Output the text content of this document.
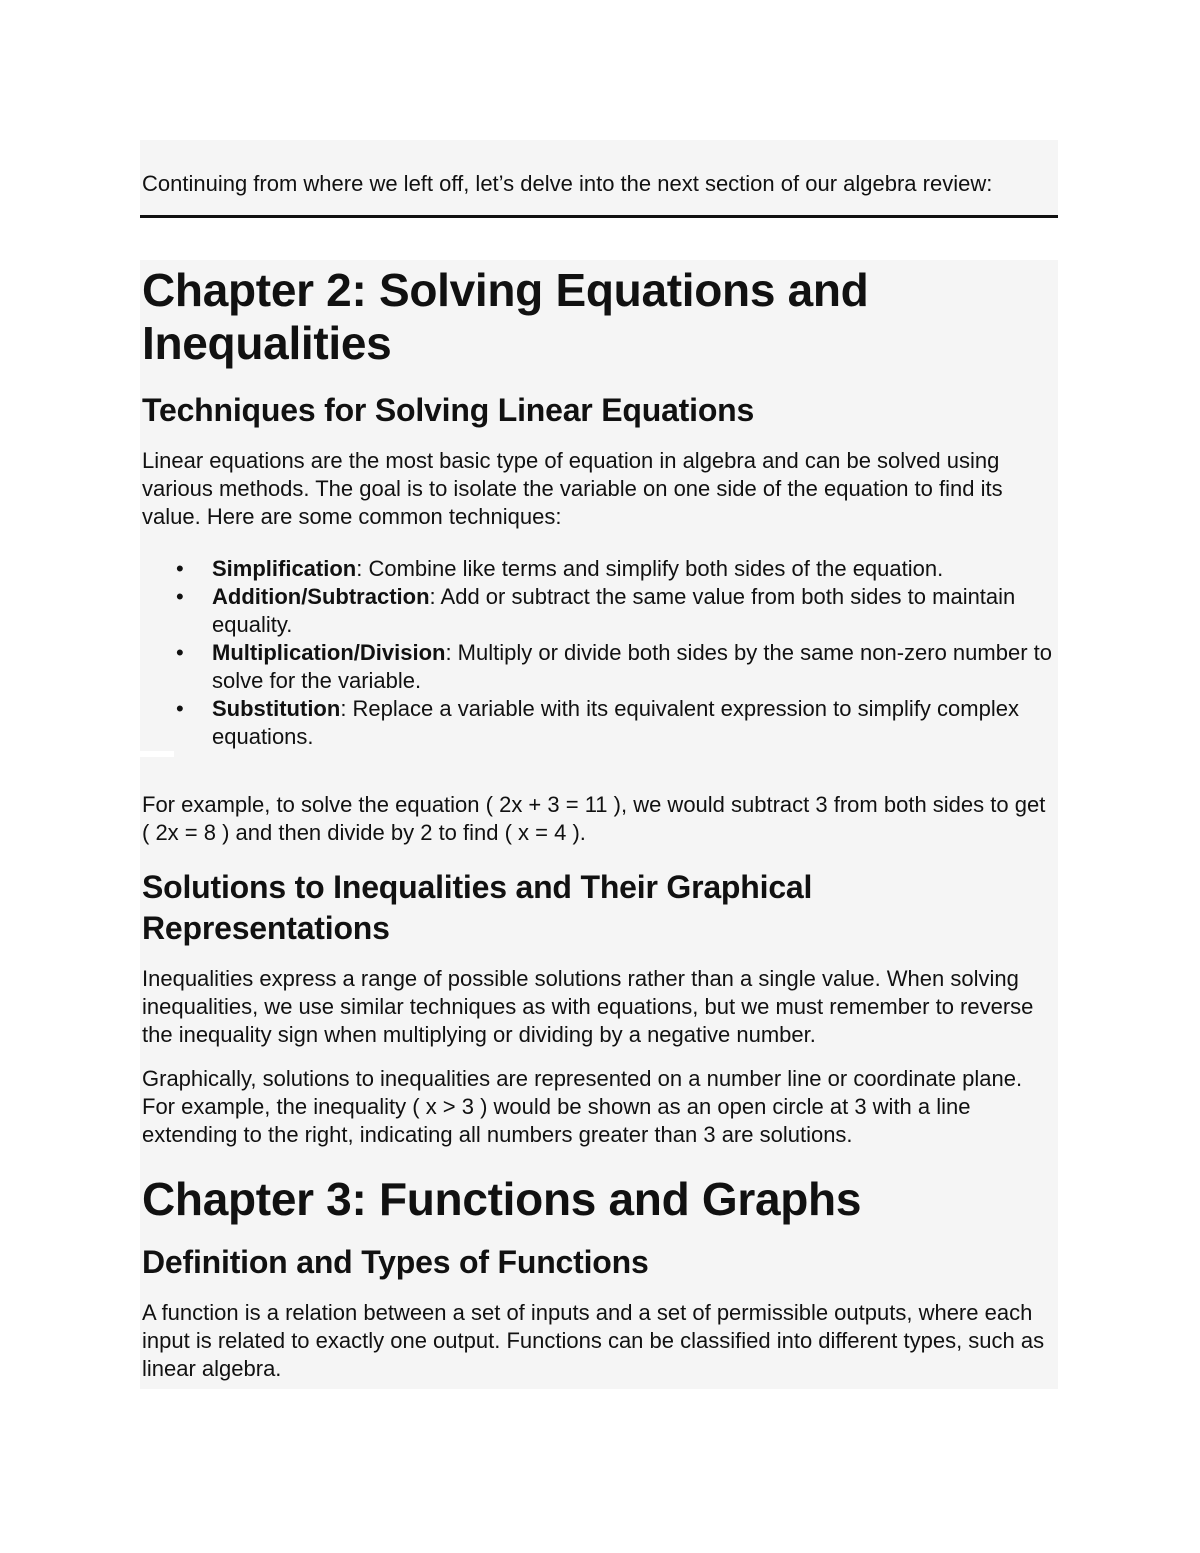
Continuing from where we left off, let’s delve into the next section of our algebra review:

Chapter 2: Solving Equations and Inequalities
Techniques for Solving Linear Equations

Linear equations are the most basic type of equation in algebra and can be solved using various methods. The goal is to isolate the variable on one side of the equation to find its value. Here are some common techniques:

• Simplification: Combine like terms and simplify both sides of the equation.
• Addition/Subtraction: Add or subtract the same value from both sides to maintain equality.
• Multiplication/Division: Multiply or divide both sides by the same non-zero number to solve for the variable.
• Substitution: Replace a variable with its equivalent expression to simplify complex equations.

For example, to solve the equation ( 2x + 3 = 11 ), we would subtract 3 from both sides to get ( 2x = 8 ) and then divide by 2 to find ( x = 4 ).

Solutions to Inequalities and Their Graphical Representations

Inequalities express a range of possible solutions rather than a single value. When solving inequalities, we use similar techniques as with equations, but we must remember to reverse the inequality sign when multiplying or dividing by a negative number.

Graphically, solutions to inequalities are represented on a number line or coordinate plane. For example, the inequality ( x > 3 ) would be shown as an open circle at 3 with a line extending to the right, indicating all numbers greater than 3 are solutions.

Chapter 3: Functions and Graphs
Definition and Types of Functions

A function is a relation between a set of inputs and a set of permissible outputs, where each input is related to exactly one output. Functions can be classified into different types, such as linear algebra.
